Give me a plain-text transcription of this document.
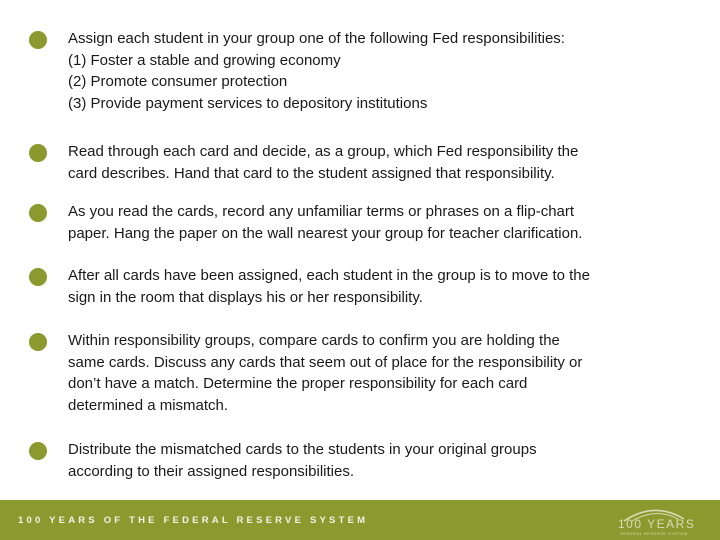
Assign each student in your group one of the following Fed responsibilities:
(1) Foster a stable and growing economy
(2) Promote consumer protection
(3) Provide payment services to depository institutions
Read through each card and decide, as a group, which Fed responsibility the
card describes. Hand that card to the student assigned that responsibility.
As you read the cards, record any unfamiliar terms or phrases on a flip-chart
paper. Hang the paper on the wall nearest your group for teacher clarification.
After all cards have been assigned, each student in the group is to move to the
sign in the room that displays his or her responsibility.
Within responsibility groups, compare cards to confirm you are holding the
same cards. Discuss any cards that seem out of place for the responsibility or
don’t have a match. Determine the proper responsibility for each card
determined a mismatch.
Distribute the mismatched cards to the students in your original groups
according to their assigned responsibilities.
100 YEARS OF THE FEDERAL RESERVE SYSTEM	100 YEARS
FEDERAL RESERVE SYSTEM
